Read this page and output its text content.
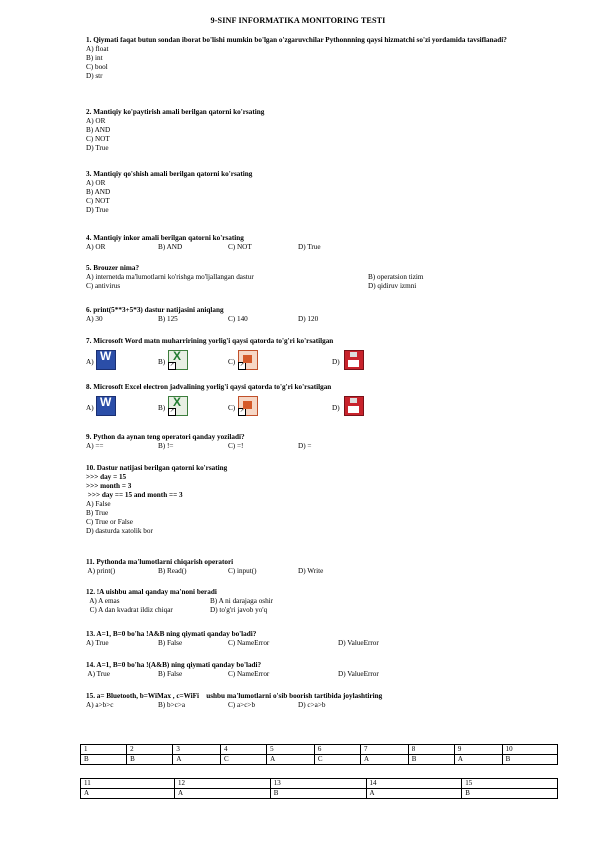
9-SINF INFORMATIKA MONITORING TESTI
1. Qiymati faqat butun sondan iborat bo'lishi mumkin bo'lgan o'zgaruvchilar Pythonnning qaysi hizmatchi so'zi yordamida tavsiflanadi?
A) float
B) int
C) bool
D) str
2. Mantiqiy ko'paytirish amali berilgan qatorni ko'rsating
A) OR
B) AND
C) NOT
D) True
3. Mantiqiy qo'shish amali berilgan qatorni ko'rsating
A) OR
B) AND
C) NOT
D) True
4. Mantiqiy inkor amali berilgan qatorni ko'rsating
A) OR	B) AND	C) NOT	D) True
5. Brouzer nima?
A) internetda ma'lumotlarni ko'rishga mo'ljallangan dastur	B) operatsion tizim
C) antivirus	D) qidiruv izmni
6. print(5**3+5*3) dastur natijasini aniqlang
A) 30	B) 125	C) 140	D) 120
7. Microsoft Word matn muharririning yorlig'i qaysi qatorda to'g'ri ko'rsatilgan
A) W	B) ↗
X	C) ↗	D)
8. Microsoft Excel electron jadvalining yorlig'i qaysi qatorda to'g'ri ko'rsatilgan
A) W	B) ↗
X	C) ↗	D)
9. Python da aynan teng operatori qanday yoziladi?
A) ==	B) !=	C) =!	D) =
10. Dastur natijasi berilgan qatorni ko'rsating
>>> day = 15
>>> month = 3
>>> day == 15 and month == 3
A) False
B) True
C) True or False
D) dasturda xatolik bor
11. Pythonda ma'lumotlarni chiqarish operatori
A) print()	B) Read()	C) input()	D) Write
12. !A uishbu amal qanday ma'noni beradi
A) A emas	B) A ni darajaga oshir
C) A dan kvadrat ildiz chiqar	D) to'g'ri javob yo'q
13. A=1, B=0 bo'ha !A&B ning qiymati qanday bo'ladi?
A) True	B) False	C) NameError	D) ValueError
14. A=1, B=0 bo'ha !(A&B) ning qiymati qanday bo'ladi?
A) True	B) False	C) NameError	D) ValueError
15. a= Bluetooth, b=WiMax , c=WiFi    ushbu ma'lumotlarni o'sib boorish tartibida joylashtiring
A) a>b>c	B) b>c>a	C) a>c>b	D) c>a>b
1	2	3	4	5	6	7	8	9	10
B	B	A	C	A	C	A	B	A	B
11	12	13	14	15
A	A	B	A	B
